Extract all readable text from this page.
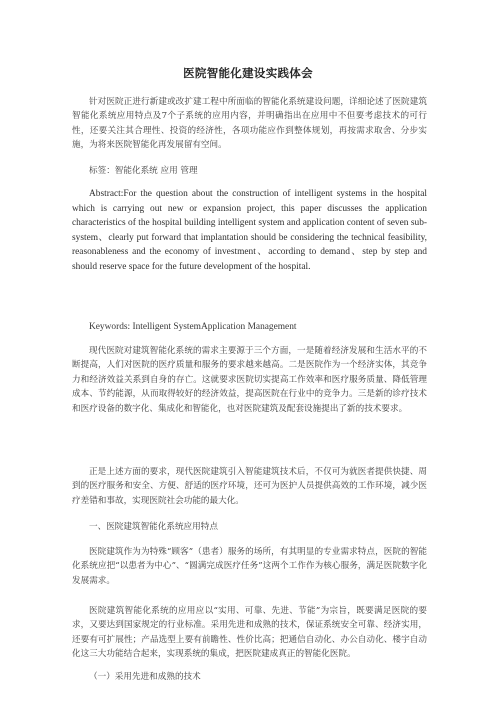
医院智能化建设实践体会

针对医院正进行新建或改扩建工程中所面临的智能化系统建设问题，详细论述了医院建筑智能化系统应用特点及7个子系统的应用内容，并明确指出在应用中不但要考虑技术的可行性，还要关注其合理性、投资的经济性，各项功能应作到整体规划，再按需求取舍、分步实施，为将来医院智能化再发展留有空间。

标签：智能化系统 应用 管理

Abstract:For the question about the construction of intelligent systems in the hospital which is carrying out new or expansion project, this paper discusses the application characteristics of the hospital building intelligent system and application content of seven sub- system、clearly put forward that implantation should be considering the technical feasibility, reasonableness and the economy of investment、according to demand、step by step and should reserve space for the future development of the hospital.

Keywords: Intelligent SystemApplication Management

现代医院对建筑智能化系统的需求主要源于三个方面，一是随着经济发展和生活水平的不断提高，人们对医院的医疗质量和服务的要求越来越高。二是医院作为一个经济实体，其竞争力和经济效益关系到自身的存亡。这就要求医院切实提高工作效率和医疗服务质量、降低管理成本、节约能源，从而取得较好的经济效益，提高医院在行业中的竞争力。三是新的诊疗技术和医疗设备的数字化、集成化和智能化，也对医院建筑及配套设施提出了新的技术要求。

正是上述方面的要求，现代医院建筑引入智能建筑技术后，不仅可为就医者提供快捷、周到的医疗服务和安全、方便、舒适的医疗环境，还可为医护人员提供高效的工作环境，减少医疗差错和事故，实现医院社会功能的最大化。

一、医院建筑智能化系统应用特点

医院建筑作为为特殊“顾客”（患者）服务的场所，有其明显的专业需求特点，医院的智能化系统应把“以患者为中心”、“圆满完成医疗任务”这两个工作作为核心服务，满足医院数字化发展需求。

医院建筑智能化系统的应用应以“实用、可靠、先进、节能”为宗旨，既要满足医院的要求，又要达到国家规定的行业标准。采用先进和成熟的技术，保证系统安全可靠、经济实用，还要有可扩展性；产品选型上要有前瞻性、性价比高；把通信自动化、办公自动化、楼宇自动化这三大功能结合起来，实现系统的集成，把医院建成真正的智能化医院。

（一）采用先进和成熟的技术
